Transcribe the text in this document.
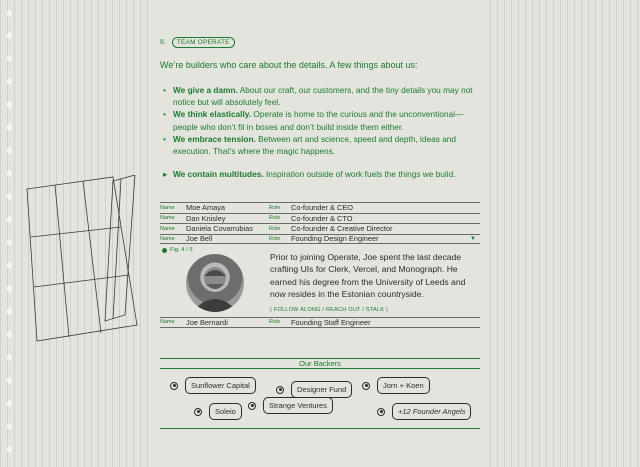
II.	TEAM OPERATE
We’re builders who care about the details. A few things about us:
• We give a damn. About our craft, our customers, and the tiny details you may not notice but will absolutely feel.
• We think elastically. Operate is home to the curious and the unconventional—people who don’t fit in boxes and don’t build inside them either.
• We embrace tension. Between art and science, speed and depth, ideas and execution. That’s where the magic happens.
▸ We contain multitudes. Inspiration outside of work fuels the things we build.
Name	Moe Amaya	Role	Co-founder & CEO
Name	Dan Knisley	Role	Co-founder & CTO
Name	Daniela Covarrubias	Role	Co-founder & Creative Director
Name	Joe Bell	Role	Founding Design Engineer	▼
Fig. 4 / 5
Prior to joining Operate, Joe spent the last decade crafting UIs for Clerk, Vercel, and Monograph. He earned his degree from the University of Leeds and now resides in the Estonian countryside.
( FOLLOW ALONG / REACH OUT / STALK )
Name	Joe Bernardi	Role	Founding Staff Engineer
Our Backers
Sunflower Capital	Designer Fund	Jorn + Koen
Strange Ventures
Soleio	+12 Founder Angels
